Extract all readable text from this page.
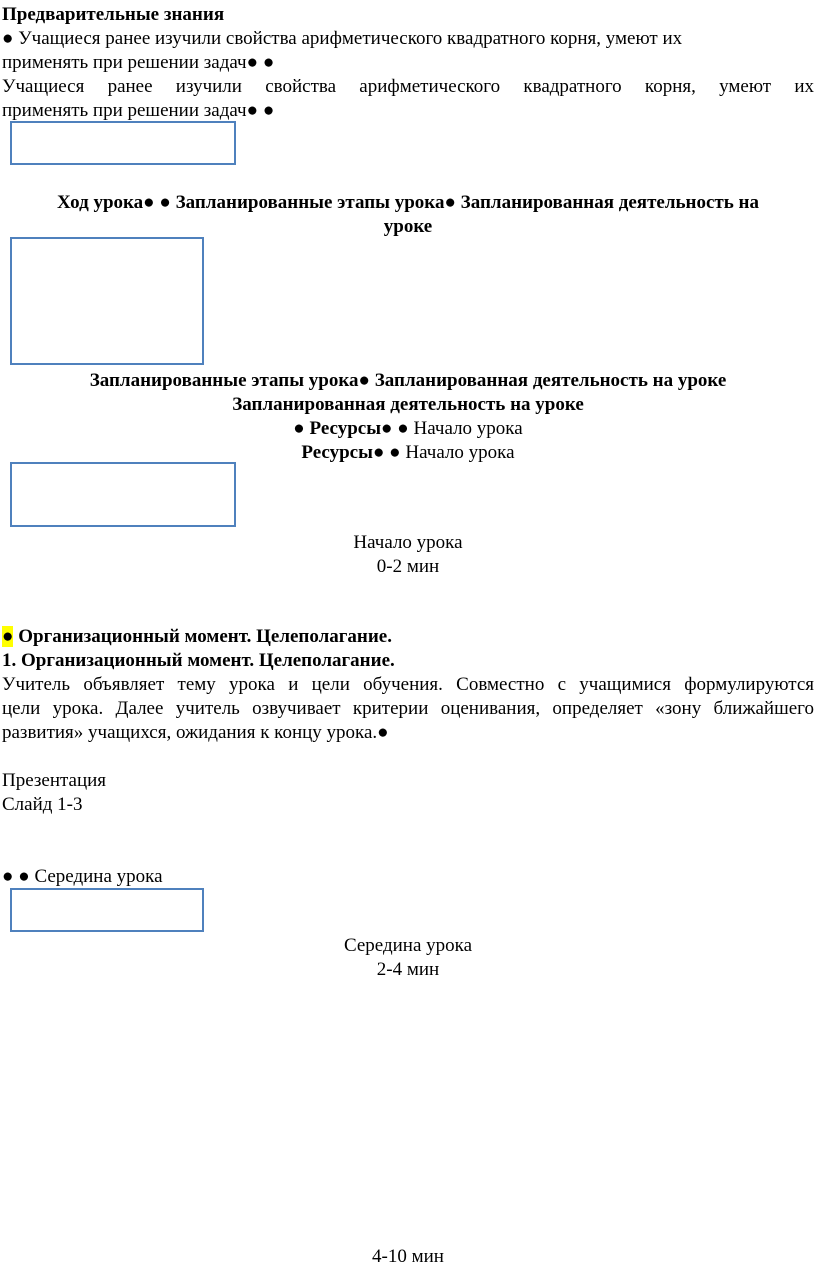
Предварительные знания
● Учащиеся ранее изучили свойства арифметического квадратного корня, умеют их
применять при решении задач● ●
Учащиеся ранее изучили свойства арифметического квадратного корня, умеют их
применять при решении задач● ●
Ход урока● ● Запланированные этапы урока● Запланированная деятельность на
уроке
Запланированные этапы урока● Запланированная деятельность на уроке
Запланированная деятельность на уроке
● Ресурсы● ● Начало урока
Ресурсы● ● Начало урока
Начало урока
0-2 мин
● Организационный момент. Целеполагание.
1. Организационный момент. Целеполагание.
Учитель объявляет тему урока и цели обучения. Совместно с учащимися формулируются
цели урока. Далее учитель озвучивает критерии оценивания, определяет «зону ближайшего
развития» учащихся, ожидания к концу урока.●
Презентация
Слайд 1-3
● ● Середина урока
Середина урока
2-4 мин
4-10 мин
